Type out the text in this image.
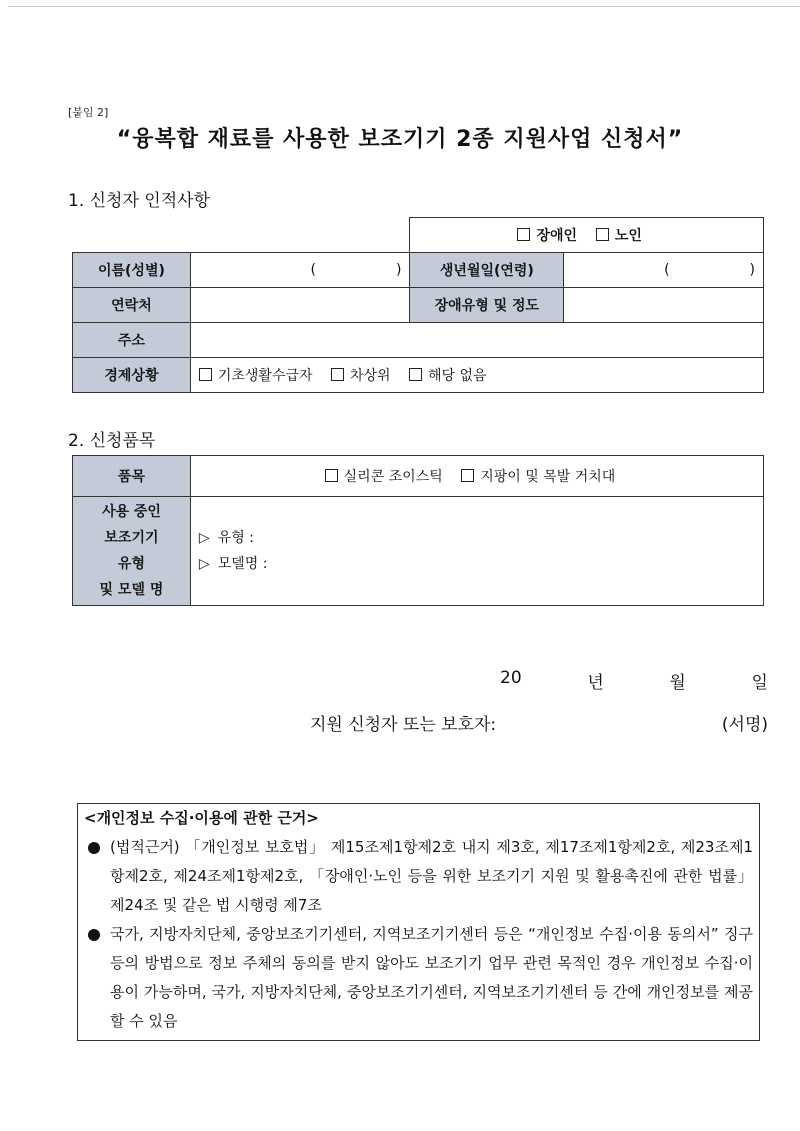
[붙임 2]
“융복합 재료를 사용한 보조기기 2종 지원사업 신청서”
1. 신청자 인적사항
		장애인 노인	
이름(성별)	( )	생년월일(연령)	( )

연락처		장애유형 및 정도	
주소			
경제상황	기초생활수급자 차상위 해당 없음		
2. 신청품목
품목	실리콘 조이스틱 지팡이 및 목발 거치대

사용 중인
보조기기
유형
및 모델 명

▷ 유형 :
▷ 모델명 :
20	년	월	일
지원 신청자 또는 보호자:	(서명)
<개인정보 수집·이용에 관한 근거>
(법적근거) 「개인정보 보호법」 제15조제1항제2호 내지 제3호, 제17조제1항제2호, 제23조제1항제2호, 제24조제1항제2호, 「장애인·노인 등을 위한 보조기기 지원 및 활용촉진에 관한 법률」 제24조 및 같은 법 시행령 제7조
국가, 지방자치단체, 중앙보조기기센터, 지역보조기기센터 등은 “개인정보 수집·이용 동의서” 징구 등의 방법으로 정보 주체의 동의를 받지 않아도 보조기기 업무 관련 목적인 경우 개인정보 수집·이용이 가능하며, 국가, 지방자치단체, 중앙보조기기센터, 지역보조기기센터 등 간에 개인정보를 제공할 수 있음
